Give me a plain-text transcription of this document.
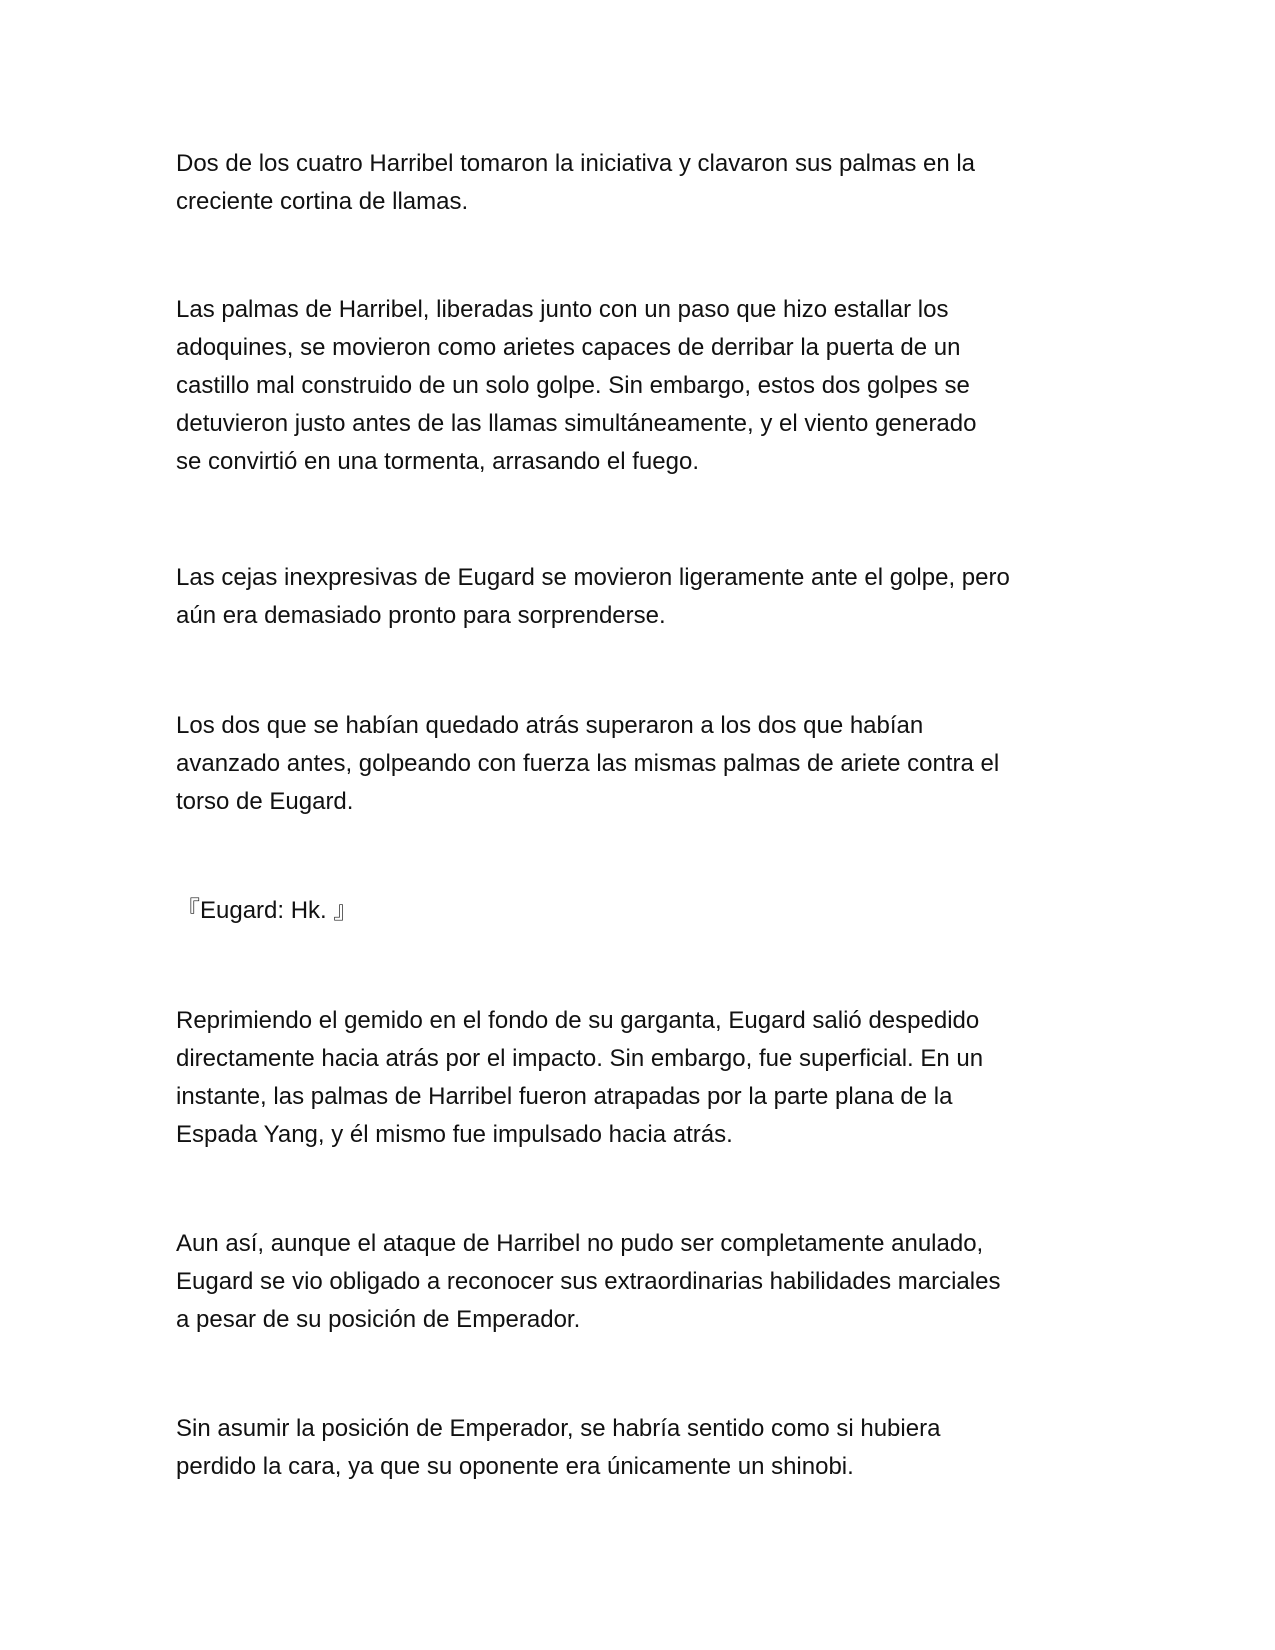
Dos de los cuatro Harribel tomaron la iniciativa y clavaron sus palmas en la
creciente cortina de llamas.

Las palmas de Harribel, liberadas junto con un paso que hizo estallar los
adoquines, se movieron como arietes capaces de derribar la puerta de un
castillo mal construido de un solo golpe. Sin embargo, estos dos golpes se
detuvieron justo antes de las llamas simultáneamente, y el viento generado
se convirtió en una tormenta, arrasando el fuego.

Las cejas inexpresivas de Eugard se movieron ligeramente ante el golpe, pero
aún era demasiado pronto para sorprenderse.

Los dos que se habían quedado atrás superaron a los dos que habían
avanzado antes, golpeando con fuerza las mismas palmas de ariete contra el
torso de Eugard.

『Eugard: Hk. 』

Reprimiendo el gemido en el fondo de su garganta, Eugard salió despedido
directamente hacia atrás por el impacto. Sin embargo, fue superficial. En un
instante, las palmas de Harribel fueron atrapadas por la parte plana de la
Espada Yang, y él mismo fue impulsado hacia atrás.

Aun así, aunque el ataque de Harribel no pudo ser completamente anulado,
Eugard se vio obligado a reconocer sus extraordinarias habilidades marciales
a pesar de su posición de Emperador.

Sin asumir la posición de Emperador, se habría sentido como si hubiera
perdido la cara, ya que su oponente era únicamente un shinobi.
